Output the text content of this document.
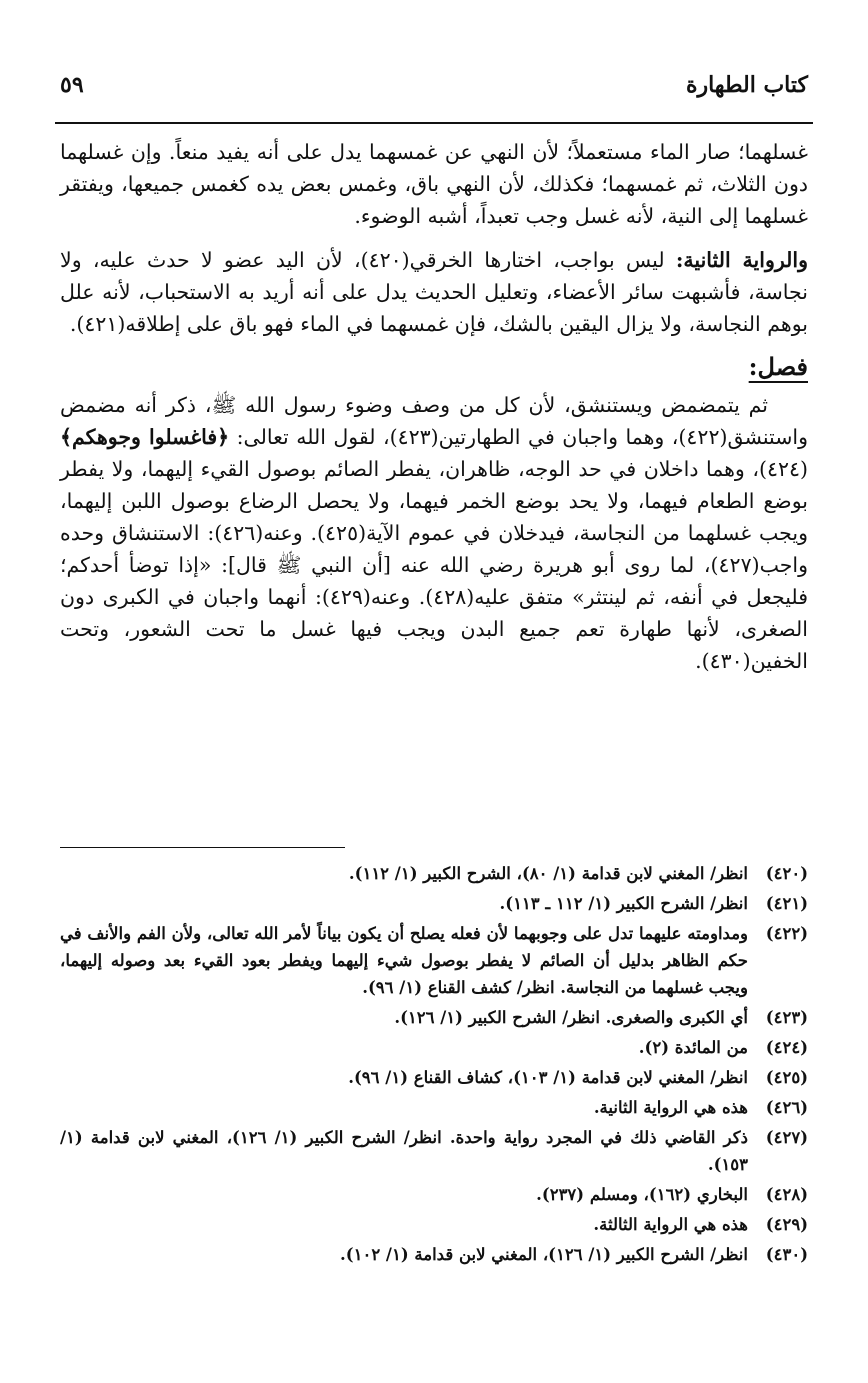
كتاب الطهارة
٥٩

غسلهما؛ صار الماء مستعملاً؛ لأن النهي عن غمسهما يدل على أنه يفيد منعاً. وإن غسلهما دون الثلاث، ثم غمسهما؛ فكذلك، لأن النهي باق، وغمس بعض يده كغمس جميعها، ويفتقر غسلهما إلى النية، لأنه غسل وجب تعبداً، أشبه الوضوء.

والرواية الثانية: ليس بواجب، اختارها الخرقي(٤٢٠)، لأن اليد عضو لا حدث عليه، ولا نجاسة، فأشبهت سائر الأعضاء، وتعليل الحديث يدل على أنه أريد به الاستحباب، لأنه علل بوهم النجاسة، ولا يزال اليقين بالشك، فإن غمسهما في الماء فهو باق على إطلاقه(٤٢١).

فصل:

ثم يتمضمض ويستنشق، لأن كل من وصف وضوء رسول الله ﷺ، ذكر أنه مضمض واستنشق(٤٢٢)، وهما واجبان في الطهارتين(٤٢٣)، لقول الله تعالى: ﴿فاغسلوا وجوهكم﴾(٤٢٤)، وهما داخلان في حد الوجه، ظاهران، يفطر الصائم بوصول القيء إليهما، ولا يفطر بوضع الطعام فيهما، ولا يحد بوضع الخمر فيهما، ولا يحصل الرضاع بوصول اللبن إليهما، ويجب غسلهما من النجاسة، فيدخلان في عموم الآية(٤٢٥). وعنه(٤٢٦): الاستنشاق وحده واجب(٤٢٧)، لما روى أبو هريرة رضي الله عنه [أن النبي ﷺ قال]: «إذا توضأ أحدكم؛ فليجعل في أنفه، ثم لينتثر» متفق عليه(٤٢٨). وعنه(٤٢٩): أنهما واجبان في الكبرى دون الصغرى، لأنها طهارة تعم جميع البدن ويجب فيها غسل ما تحت الشعور، وتحت الخفين(٤٣٠).

(٤٢٠)
انظر/ المغني لابن قدامة (١/ ٨٠)، الشرح الكبير (١/ ١١٢).
(٤٢١)
انظر/ الشرح الكبير (١/ ١١٢ ـ ١١٣).
(٤٢٢)
ومداومته عليهما تدل على وجوبهما لأن فعله يصلح أن يكون بياناً لأمر الله تعالى، ولأن الفم والأنف في حكم الظاهر بدليل أن الصائم لا يفطر بوصول شيء إليهما ويفطر بعود القيء بعد وصوله إليهما، ويجب غسلهما من النجاسة. انظر/ كشف القناع (١/ ٩٦).
(٤٢٣)
أي الكبرى والصغرى. انظر/ الشرح الكبير (١/ ١٢٦).
(٤٢٤)
من المائدة (٢).
(٤٢٥)
انظر/ المغني لابن قدامة (١/ ١٠٣)، كشاف القناع (١/ ٩٦).
(٤٢٦)
هذه هي الرواية الثانية.
(٤٢٧)
ذكر القاضي ذلك في المجرد رواية واحدة. انظر/ الشرح الكبير (١/ ١٢٦)، المغني لابن قدامة (١/ ١٥٣).
(٤٢٨)
البخاري (١٦٢)، ومسلم (٢٣٧).
(٤٢٩)
هذه هي الرواية الثالثة.
(٤٣٠)
انظر/ الشرح الكبير (١/ ١٢٦)، المغني لابن قدامة (١/ ١٠٢).
